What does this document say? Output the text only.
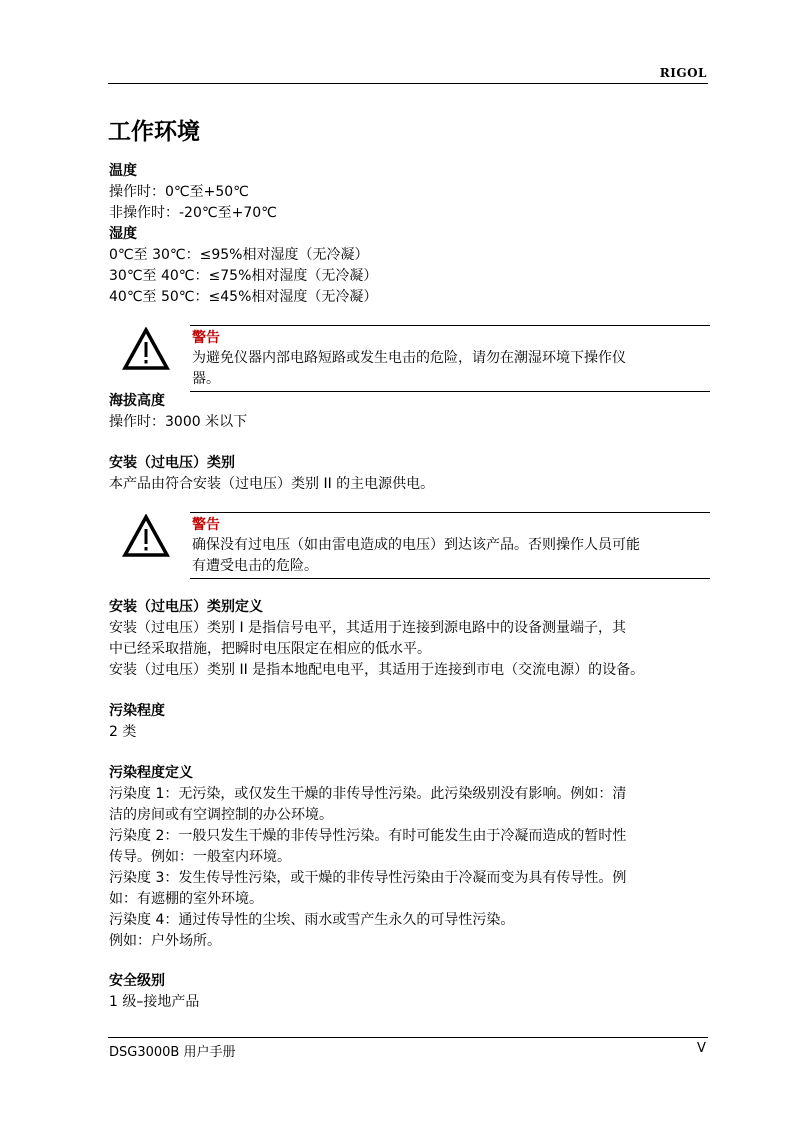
RIGOL
工作环境
温度
操作时：0℃至+50℃
非操作时：-20℃至+70℃
湿度
0℃至 30℃：≤95%相对湿度（无冷凝）
30℃至 40℃：≤75%相对湿度（无冷凝）
40℃至 50℃：≤45%相对湿度（无冷凝）
警告
为避免仪器内部电路短路或发生电击的危险，请勿在潮湿环境下操作仪
器。
海拔高度
操作时：3000 米以下
安装（过电压）类别
本产品由符合安装（过电压）类别 II 的主电源供电。
警告
确保没有过电压（如由雷电造成的电压）到达该产品。否则操作人员可能
有遭受电击的危险。
安装（过电压）类别定义
安装（过电压）类别 I 是指信号电平，其适用于连接到源电路中的设备测量端子，其
中已经采取措施，把瞬时电压限定在相应的低水平。
安装（过电压）类别 II 是指本地配电电平，其适用于连接到市电（交流电源）的设备。
污染程度
2 类
污染程度定义
污染度 1：无污染，或仅发生干燥的非传导性污染。此污染级别没有影响。例如：清
洁的房间或有空调控制的办公环境。
污染度 2：一般只发生干燥的非传导性污染。有时可能发生由于冷凝而造成的暂时性
传导。例如：一般室内环境。
污染度 3：发生传导性污染，或干燥的非传导性污染由于冷凝而变为具有传导性。例
如：有遮棚的室外环境。
污染度 4：通过传导性的尘埃、雨水或雪产生永久的可导性污染。
例如：户外场所。
安全级别
1 级–接地产品
DSG3000B 用户手册	V
